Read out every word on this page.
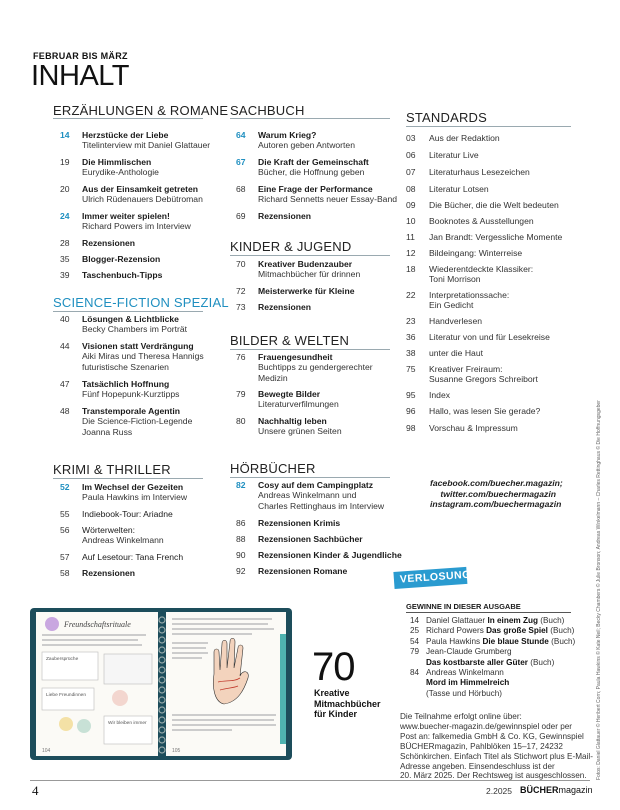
FEBRUAR BIS MÄRZ
INHALT
ERZÄHLUNGEN & ROMANE
14	Herzstücke der Liebe
Titelinterview mit Daniel Glattauer
19	Die Himmlischen
Eurydike-Anthologie
20	Aus der Einsamkeit getreten
Ulrich Rüdenauers Debütroman
24	Immer weiter spielen!
Richard Powers im Interview
28	Rezensionen
35	Blogger-Rezension
39	Taschenbuch-Tipps
SCIENCE-FICTION SPEZIAL
40	Lösungen & Lichtblicke
Becky Chambers im Porträt
44	Visionen statt Verdrängung
Aiki Miras und Theresa Hannigs
futuristische Szenarien
47	Tatsächlich Hoffnung
Fünf Hopepunk-Kurztipps
48	Transtemporale Agentin
Die Science-Fiction-Legende
Joanna Russ
KRIMI & THRILLER
52	Im Wechsel der Gezeiten
Paula Hawkins im Interview
55	Indiebook-Tour: Ariadne
56	Wörterwelten:
Andreas Winkelmann
57	Auf Lesetour: Tana French
58	Rezensionen
SACHBUCH
64	Warum Krieg?
Autoren geben Antworten
67	Die Kraft der Gemeinschaft
Bücher, die Hoffnung geben
68	Eine Frage der Performance
Richard Sennetts neuer Essay-Band
69	Rezensionen
KINDER & JUGEND
70	Kreativer Budenzauber
Mitmachbücher für drinnen
72	Meisterwerke für Kleine
73	Rezensionen
BILDER & WELTEN
76	Frauengesundheit
Buchtipps zu gendergerechter
Medizin
79	Bewegte Bilder
Literaturverfilmungen
80	Nachhaltig leben
Unsere grünen Seiten
HÖRBÜCHER
82	Cosy auf dem Campingplatz
Andreas Winkelmann und
Charles Rettinghaus im Interview
86	Rezensionen Krimis
88	Rezensionen Sachbücher
90	Rezensionen Kinder & Jugendliche
92	Rezensionen Romane
STANDARDS
03	Aus der Redaktion
06	Literatur Live
07	Literaturhaus Lesezeichen
08	Literatur Lotsen
09	Die Bücher, die die Welt bedeuten
10	Booknotes & Ausstellungen
11	Jan Brandt: Vergessliche Momente
12	Bildeingang: Winterreise
18	Wiederentdeckte Klassiker:
Toni Morrison
22	Interpretationssache:
Ein Gedicht
23	Handverlesen
36	Literatur von und für Lesekreise
38	unter die Haut
75	Kreativer Freiraum:
Susanne Gregors Schreibort
95	Index
96	Hallo, was lesen Sie gerade?
98	Vorschau & Impressum
facebook.com/buecher.magazin;
twitter.com/buechermagazin
instagram.com/buechermagazin
VERLOSUNG
GEWINNE IN DIESER AUSGABE
14 Daniel Glattauer In einem Zug (Buch)
25 Richard Powers Das große Spiel (Buch)
54 Paula Hawkins Die blaue Stunde (Buch)
79 Jean-Claude Grumberg
Das kostbarste aller Güter (Buch)
84 Andreas Winkelmann
Mord im Himmelreich
(Tasse und Hörbuch)
Die Teilnahme erfolgt online über:
www.buecher-magazin.de/gewinnspiel oder per
Post an: falkemedia GmbH & Co. KG, Gewinnspiel
BÜCHERmagazin, Pahlblöken 15–17, 24232
Schönkirchen. Einfach Titel als Stichwort plus E-Mail-
Adresse angeben. Einsendeschluss ist der
20. März 2025. Der Rechtsweg ist ausgeschlossen.
70
Kreative
Mitmachbücher
für Kinder
Freundschaftsrituale
Zaubersprüche
Liebe Freundinnen
Wir bleiben immer
104	105	Fotos: Daniel Glattauer © Heribert Corn; Paula Hawkins © Kate Neil; Becky Chambers © Julie Bronson; Andreas Winkelmann – Charles Rettinghaus © Die Hoffnungsgeber
4	2.2025 BÜCHERmagazin
